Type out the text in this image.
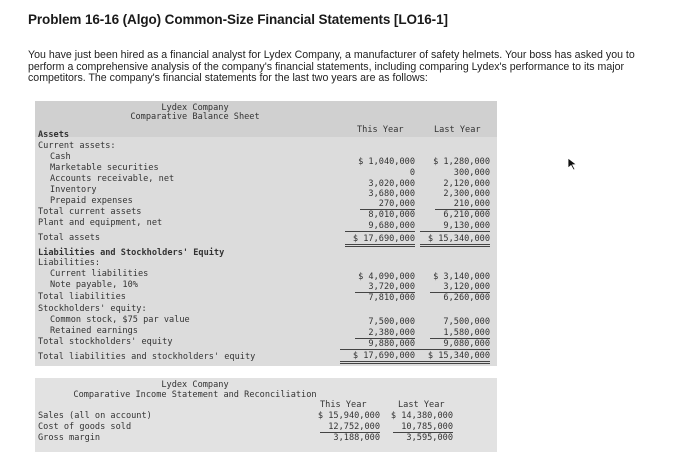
Problem 16-16 (Algo) Common-Size Financial Statements [LO16-1]
You have just been hired as a financial analyst for Lydex Company, a manufacturer of safety helmets. Your boss has asked you to perform a comprehensive analysis of the company's financial statements, including comparing Lydex's performance to its major competitors. The company's financial statements for the last two years are as follows:
Lydex Company
Comparative Balance Sheet
This Year	Last Year
Assets
Current assets:
Cash
Marketable securities
Accounts receivable, net
Inventory
Prepaid expenses
Total current assets
Plant and equipment, net
Total assets
Liabilities and Stockholders' Equity
Liabilities:
Current liabilities
Note payable, 10%
Total liabilities
Stockholders' equity:
Common stock, $75 par value
Retained earnings
Total stockholders' equity
Total liabilities and stockholders' equity
$ 1,040,000
0
3,020,000
3,680,000
270,000
8,010,000
9,680,000
$ 17,690,000
$ 4,090,000
3,720,000
7,810,000
7,500,000
2,380,000
9,880,000
$ 17,690,000
$ 1,280,000
300,000
2,120,000
2,300,000
210,000
6,210,000
9,130,000
$ 15,340,000
$ 3,140,000
3,120,000
6,260,000
7,500,000
1,580,000
9,080,000
$ 15,340,000
Lydex Company
Comparative Income Statement and Reconciliation
This Year	Last Year
Sales (all on account)
Cost of goods sold
Gross margin
$ 15,940,000
12,752,000
3,188,000
$ 14,380,000
10,785,000
3,595,000
